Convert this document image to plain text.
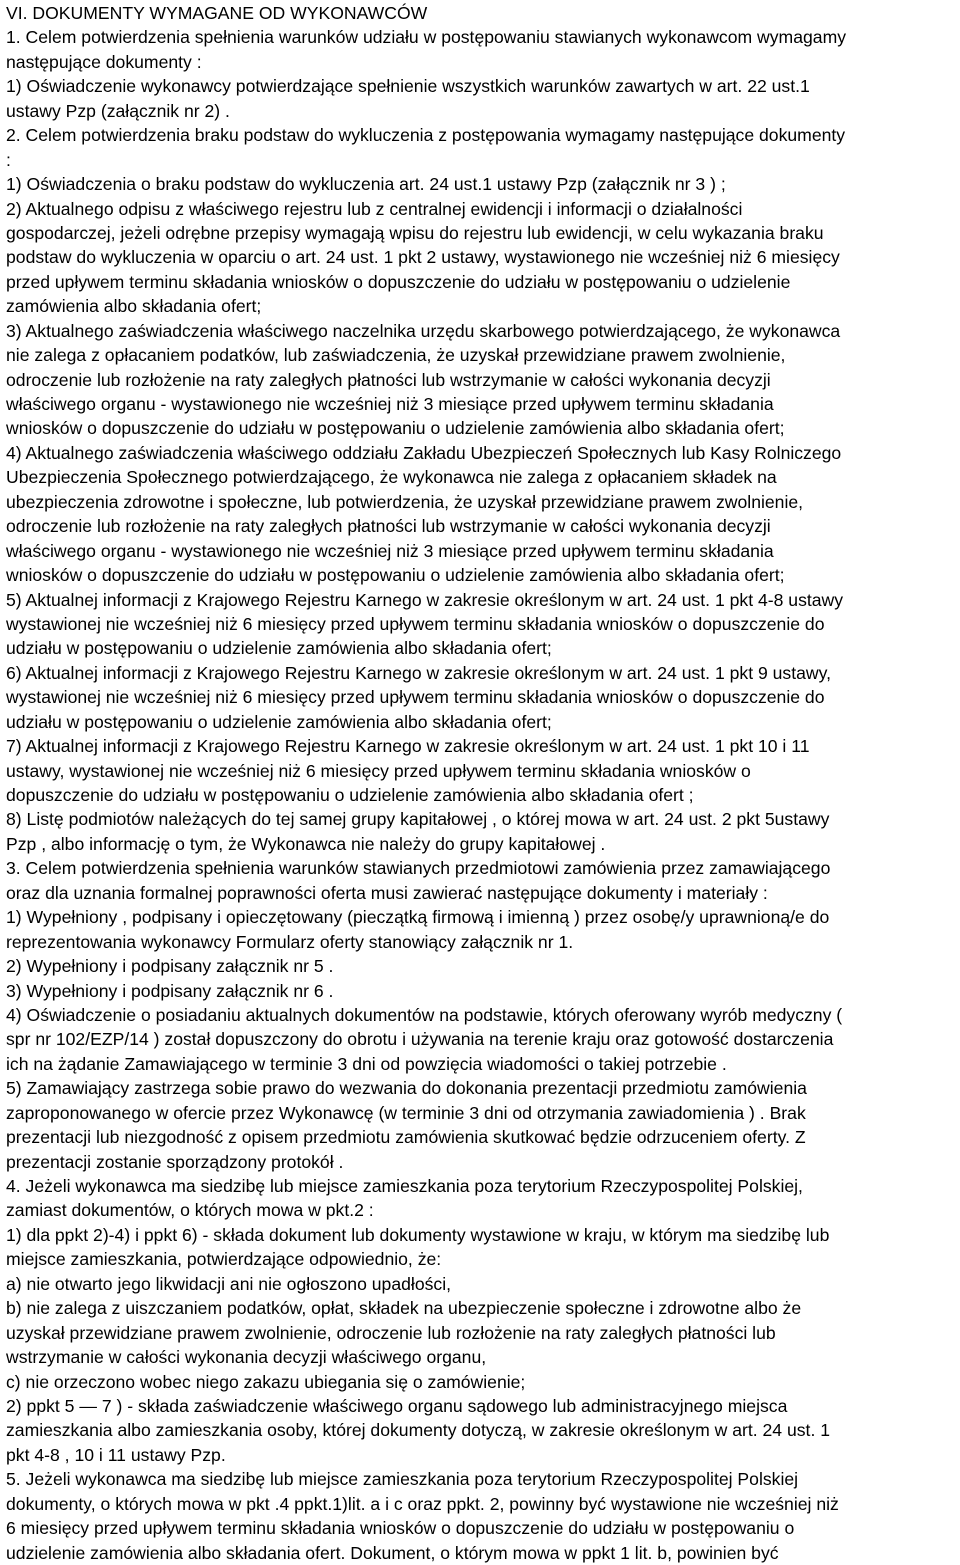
VI. DOKUMENTY WYMAGANE OD WYKONAWCÓW
1. Celem potwierdzenia spełnienia warunków udziału w postępowaniu stawianych wykonawcom wymagamy
następujące dokumenty :
1) Oświadczenie wykonawcy potwierdzające spełnienie wszystkich warunków zawartych w art. 22 ust.1
ustawy Pzp (załącznik nr 2) .
2. Celem potwierdzenia braku podstaw do wykluczenia z postępowania wymagamy następujące dokumenty
:
1) Oświadczenia o braku podstaw do wykluczenia art. 24 ust.1 ustawy Pzp (załącznik nr 3 ) ;
2) Aktualnego odpisu z właściwego rejestru lub z centralnej ewidencji i informacji o działalności
gospodarczej, jeżeli odrębne przepisy wymagają wpisu do rejestru lub ewidencji, w celu wykazania braku
podstaw do wykluczenia w oparciu o art. 24 ust. 1 pkt 2 ustawy, wystawionego nie wcześniej niż 6 miesięcy
przed upływem terminu składania wniosków o dopuszczenie do udziału w postępowaniu o udzielenie
zamówienia albo składania ofert;
3) Aktualnego zaświadczenia właściwego naczelnika urzędu skarbowego potwierdzającego, że wykonawca
nie zalega z opłacaniem podatków, lub zaświadczenia, że uzyskał przewidziane prawem zwolnienie,
odroczenie lub rozłożenie na raty zaległych płatności lub wstrzymanie w całości wykonania decyzji
właściwego organu - wystawionego nie wcześniej niż 3 miesiące przed upływem terminu składania
wniosków o dopuszczenie do udziału w postępowaniu o udzielenie zamówienia albo składania ofert;
4) Aktualnego zaświadczenia właściwego oddziału Zakładu Ubezpieczeń Społecznych lub Kasy Rolniczego
Ubezpieczenia Społecznego potwierdzającego, że wykonawca nie zalega z opłacaniem składek na
ubezpieczenia zdrowotne i społeczne, lub potwierdzenia, że uzyskał przewidziane prawem zwolnienie,
odroczenie lub rozłożenie na raty zaległych płatności lub wstrzymanie w całości wykonania decyzji
właściwego organu - wystawionego nie wcześniej niż 3 miesiące przed upływem terminu składania
wniosków o dopuszczenie do udziału w postępowaniu o udzielenie zamówienia albo składania ofert;
5) Aktualnej informacji z Krajowego Rejestru Karnego w zakresie określonym w art. 24 ust. 1 pkt 4-8 ustawy
wystawionej nie wcześniej niż 6 miesięcy przed upływem terminu składania wniosków o dopuszczenie do
udziału w postępowaniu o udzielenie zamówienia albo składania ofert;
6) Aktualnej informacji z Krajowego Rejestru Karnego w zakresie określonym w art. 24 ust. 1 pkt 9 ustawy,
wystawionej nie wcześniej niż 6 miesięcy przed upływem terminu składania wniosków o dopuszczenie do
udziału w postępowaniu o udzielenie zamówienia albo składania ofert;
7) Aktualnej informacji z Krajowego Rejestru Karnego w zakresie określonym w art. 24 ust. 1 pkt 10 i 11
ustawy, wystawionej nie wcześniej niż 6 miesięcy przed upływem terminu składania wniosków o
dopuszczenie do udziału w postępowaniu o udzielenie zamówienia albo składania ofert ;
8) Listę podmiotów należących do tej samej grupy kapitałowej , o której mowa w art. 24 ust. 2 pkt 5ustawy
Pzp , albo informację o tym, że Wykonawca nie należy do grupy kapitałowej .
3. Celem potwierdzenia spełnienia warunków stawianych przedmiotowi zamówienia przez zamawiającego
oraz dla uznania formalnej poprawności oferta musi zawierać następujące dokumenty i materiały :
1) Wypełniony , podpisany i opieczętowany (pieczątką firmową i imienną ) przez osobę/y uprawnioną/e do
reprezentowania wykonawcy Formularz oferty stanowiący załącznik nr 1.
2) Wypełniony i podpisany załącznik nr 5 .
3) Wypełniony i podpisany załącznik nr 6 .
4) Oświadczenie o posiadaniu aktualnych dokumentów na podstawie, których oferowany wyrób medyczny (
spr nr 102/EZP/14 ) został dopuszczony do obrotu i używania na terenie kraju oraz gotowość dostarczenia
ich na żądanie Zamawiającego w terminie 3 dni od powzięcia wiadomości o takiej potrzebie .
5) Zamawiający zastrzega sobie prawo do wezwania do dokonania prezentacji przedmiotu zamówienia
zaproponowanego w ofercie przez Wykonawcę (w terminie 3 dni od otrzymania zawiadomienia ) . Brak
prezentacji lub niezgodność z opisem przedmiotu zamówienia skutkować będzie odrzuceniem oferty. Z
prezentacji zostanie sporządzony protokół .
4. Jeżeli wykonawca ma siedzibę lub miejsce zamieszkania poza terytorium Rzeczypospolitej Polskiej,
zamiast dokumentów, o których mowa w pkt.2 :
1) dla ppkt 2)-4) i ppkt 6) - składa dokument lub dokumenty wystawione w kraju, w którym ma siedzibę lub
miejsce zamieszkania, potwierdzające odpowiednio, że:
a) nie otwarto jego likwidacji ani nie ogłoszono upadłości,
b) nie zalega z uiszczaniem podatków, opłat, składek na ubezpieczenie społeczne i zdrowotne albo że
uzyskał przewidziane prawem zwolnienie, odroczenie lub rozłożenie na raty zaległych płatności lub
wstrzymanie w całości wykonania decyzji właściwego organu,
c) nie orzeczono wobec niego zakazu ubiegania się o zamówienie;
2) ppkt 5 — 7 ) - składa zaświadczenie właściwego organu sądowego lub administracyjnego miejsca
zamieszkania albo zamieszkania osoby, której dokumenty dotyczą, w zakresie określonym w art. 24 ust. 1
pkt 4-8 , 10 i 11 ustawy Pzp.
5. Jeżeli wykonawca ma siedzibę lub miejsce zamieszkania poza terytorium Rzeczypospolitej Polskiej
dokumenty, o których mowa w pkt .4 ppkt.1)lit. a i c oraz ppkt. 2, powinny być wystawione nie wcześniej niż
6 miesięcy przed upływem terminu składania wniosków o dopuszczenie do udziału w postępowaniu o
udzielenie zamówienia albo składania ofert. Dokument, o którym mowa w ppkt 1 lit. b, powinien być
